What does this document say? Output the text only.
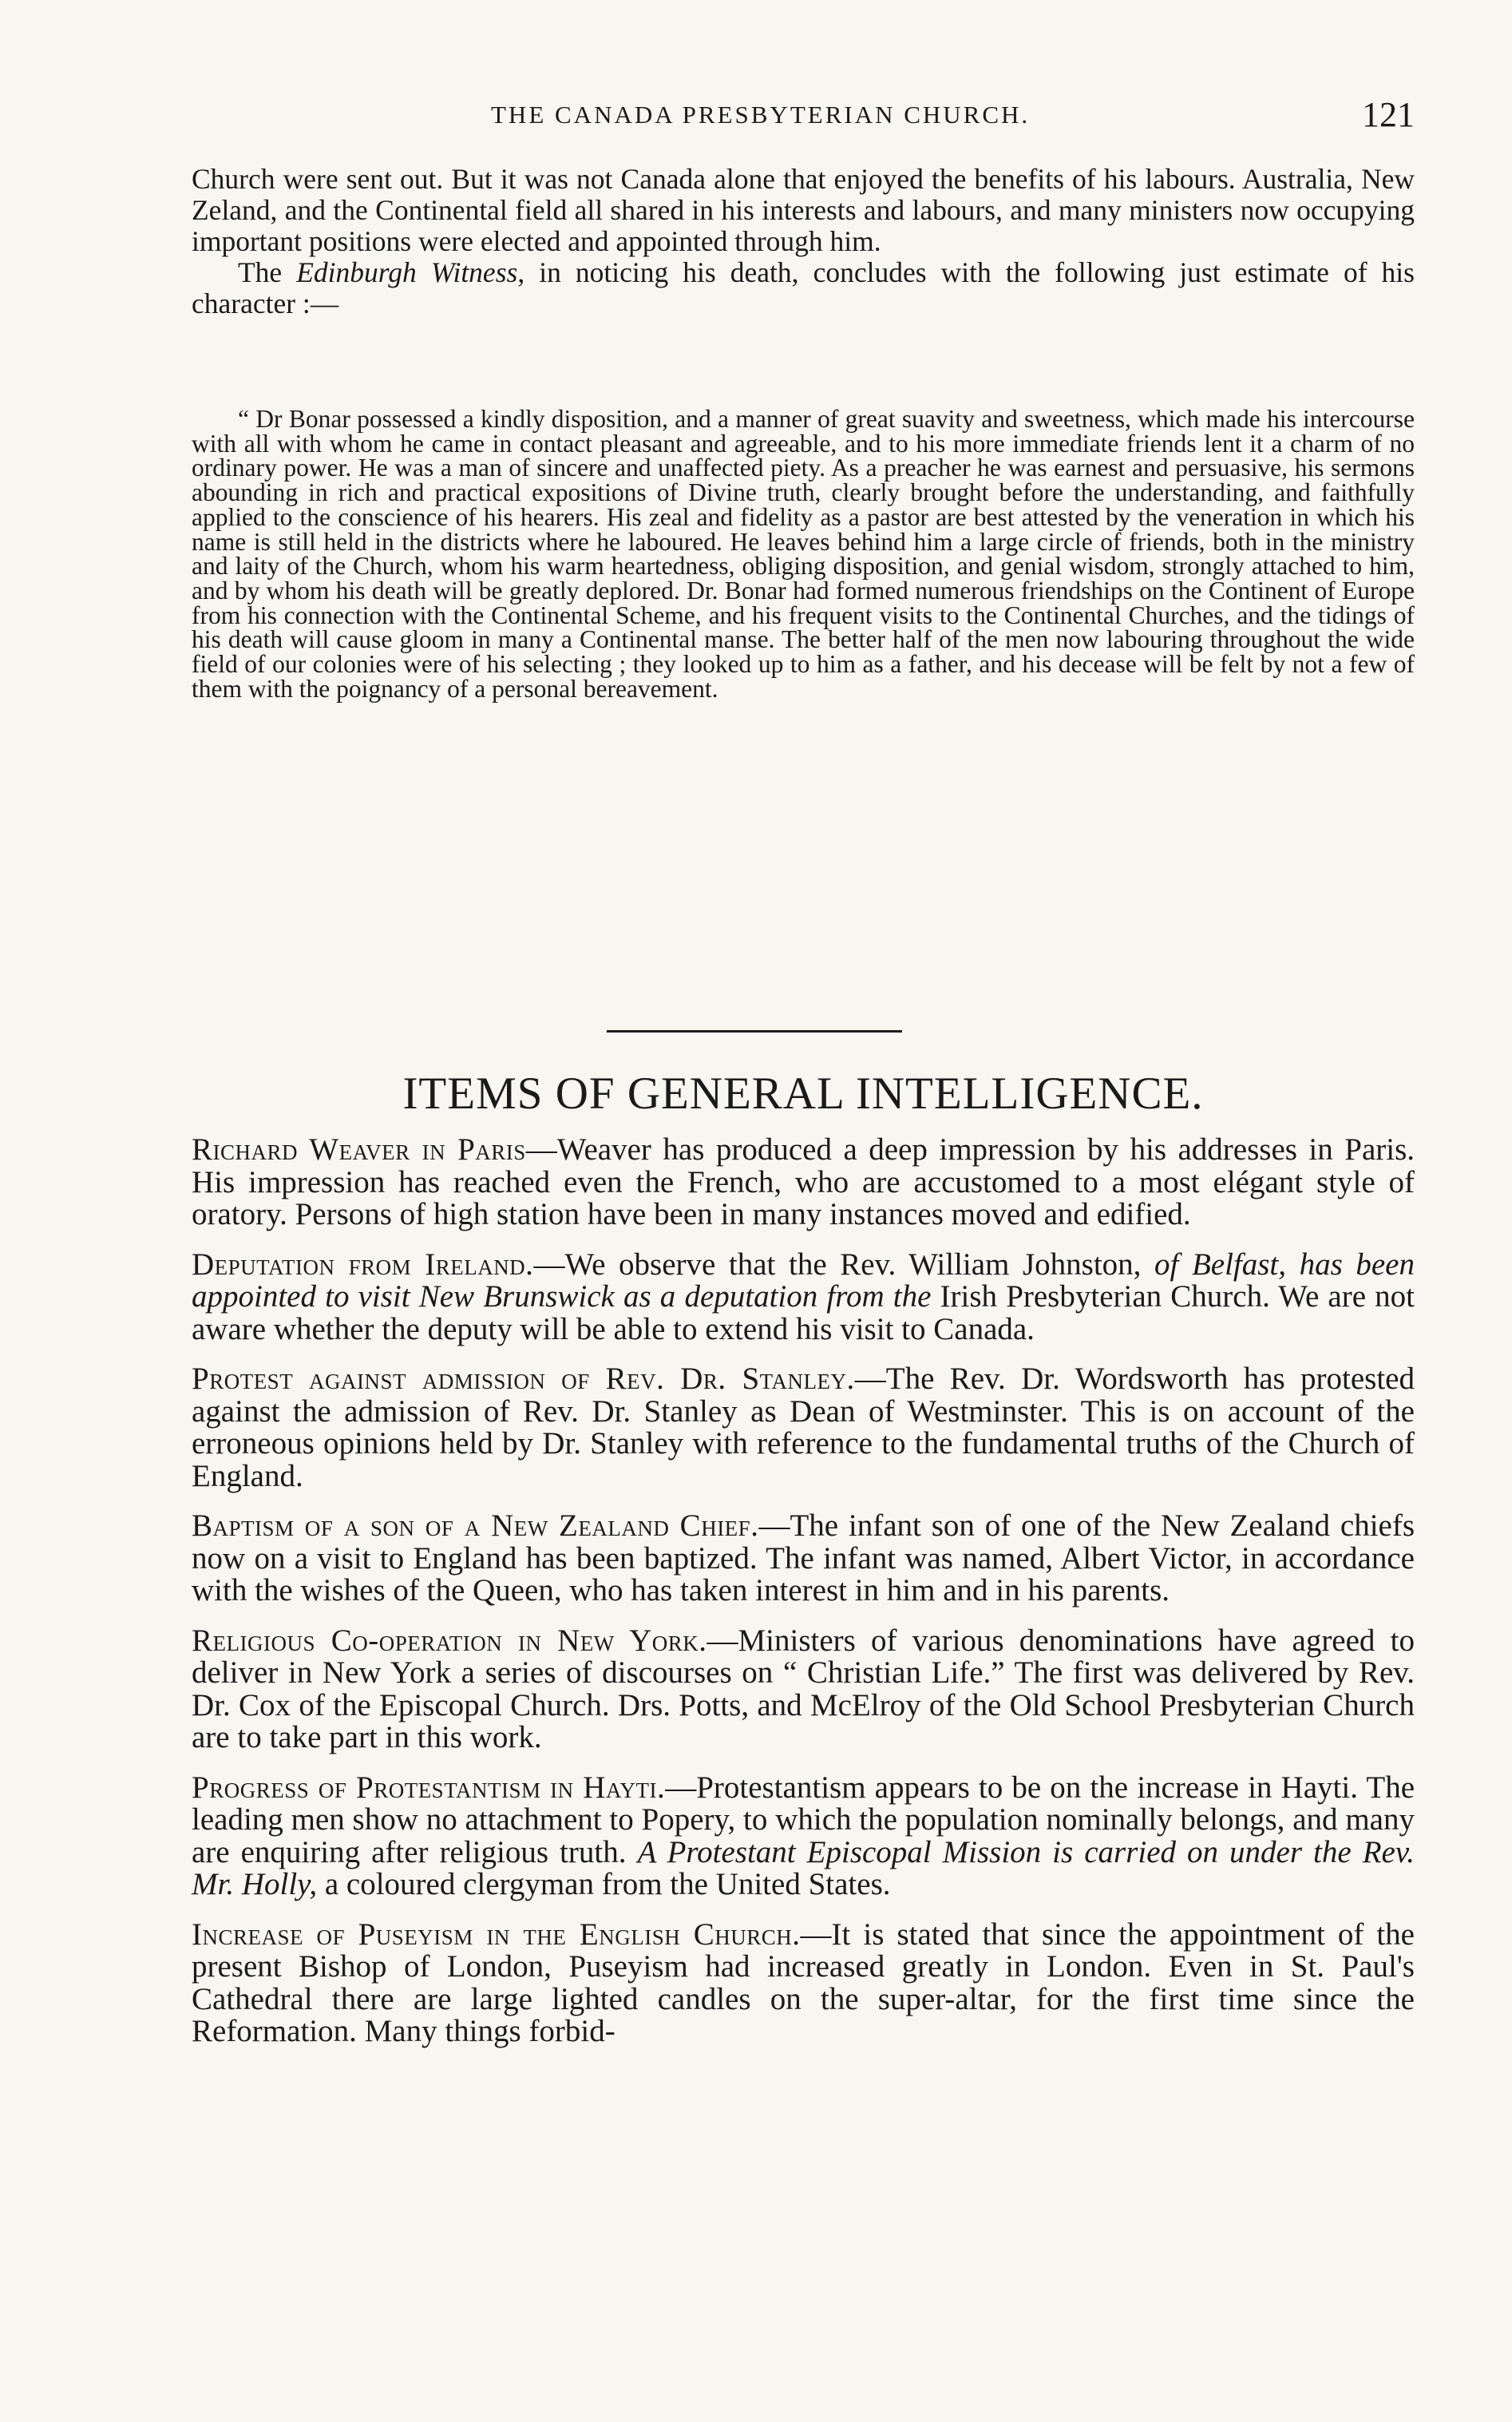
THE CANADA PRESBYTERIAN CHURCH.	121

Church were sent out. But it was not Canada alone that enjoyed the benefits of his labours. Australia, New Zeland, and the Continental field all shared in his interests and labours, and many ministers now occupying important positions were elected and appointed through him.

The Edinburgh Witness, in noticing his death, concludes with the following just estimate of his character :—

“ Dr Bonar possessed a kindly disposition, and a manner of great suavity and sweetness, which made his intercourse with all with whom he came in contact pleasant and agreeable, and to his more immediate friends lent it a charm of no ordinary power. He was a man of sincere and unaffected piety. As a preacher he was earnest and persuasive, his sermons abounding in rich and practical expositions of Divine truth, clearly brought before the understanding, and faithfully applied to the conscience of his hearers. His zeal and fidelity as a pastor are best attested by the veneration in which his name is still held in the districts where he laboured. He leaves behind him a large circle of friends, both in the ministry and laity of the Church, whom his warm heartedness, obliging disposition, and genial wisdom, strongly attached to him, and by whom his death will be greatly deplored. Dr. Bonar had formed numerous friendships on the Continent of Europe from his connection with the Continental Scheme, and his frequent visits to the Continental Churches, and the tidings of his death will cause gloom in many a Continental manse. The better half of the men now labouring throughout the wide field of our colonies were of his selecting ; they looked up to him as a father, and his decease will be felt by not a few of them with the poignancy of a personal bereavement.
ITEMS OF GENERAL INTELLIGENCE.

Richard Weaver in Paris—Weaver has produced a deep impression by his addresses in Paris. His impression has reached even the French, who are accustomed to a most elégant style of oratory. Persons of high station have been in many instances moved and edified.

Deputation from Ireland.—We observe that the Rev. William Johnston, of Belfast, has been appointed to visit New Brunswick as a deputation from the Irish Presbyterian Church. We are not aware whether the deputy will be able to extend his visit to Canada.

Protest against admission of Rev. Dr. Stanley.—The Rev. Dr. Wordsworth has protested against the admission of Rev. Dr. Stanley as Dean of Westminster. This is on account of the erroneous opinions held by Dr. Stanley with reference to the fundamental truths of the Church of England.

Baptism of a son of a New Zealand Chief.—The infant son of one of the New Zealand chiefs now on a visit to England has been baptized. The infant was named, Albert Victor, in accordance with the wishes of the Queen, who has taken interest in him and in his parents.

Religious Co-operation in New York.—Ministers of various denominations have agreed to deliver in New York a series of discourses on “ Christian Life.” The first was delivered by Rev. Dr. Cox of the Episcopal Church. Drs. Potts, and McElroy of the Old School Presbyterian Church are to take part in this work.

Progress of Protestantism in Hayti.—Protestantism appears to be on the increase in Hayti. The leading men show no attachment to Popery, to which the population nominally belongs, and many are enquiring after religious truth. A Protestant Episcopal Mission is carried on under the Rev. Mr. Holly, a coloured clergyman from the United States.

Increase of Puseyism in the English Church.—It is stated that since the appointment of the present Bishop of London, Puseyism had increased greatly in London. Even in St. Paul's Cathedral there are large lighted candles on the super-altar, for the first time since the Reformation. Many things forbid-
